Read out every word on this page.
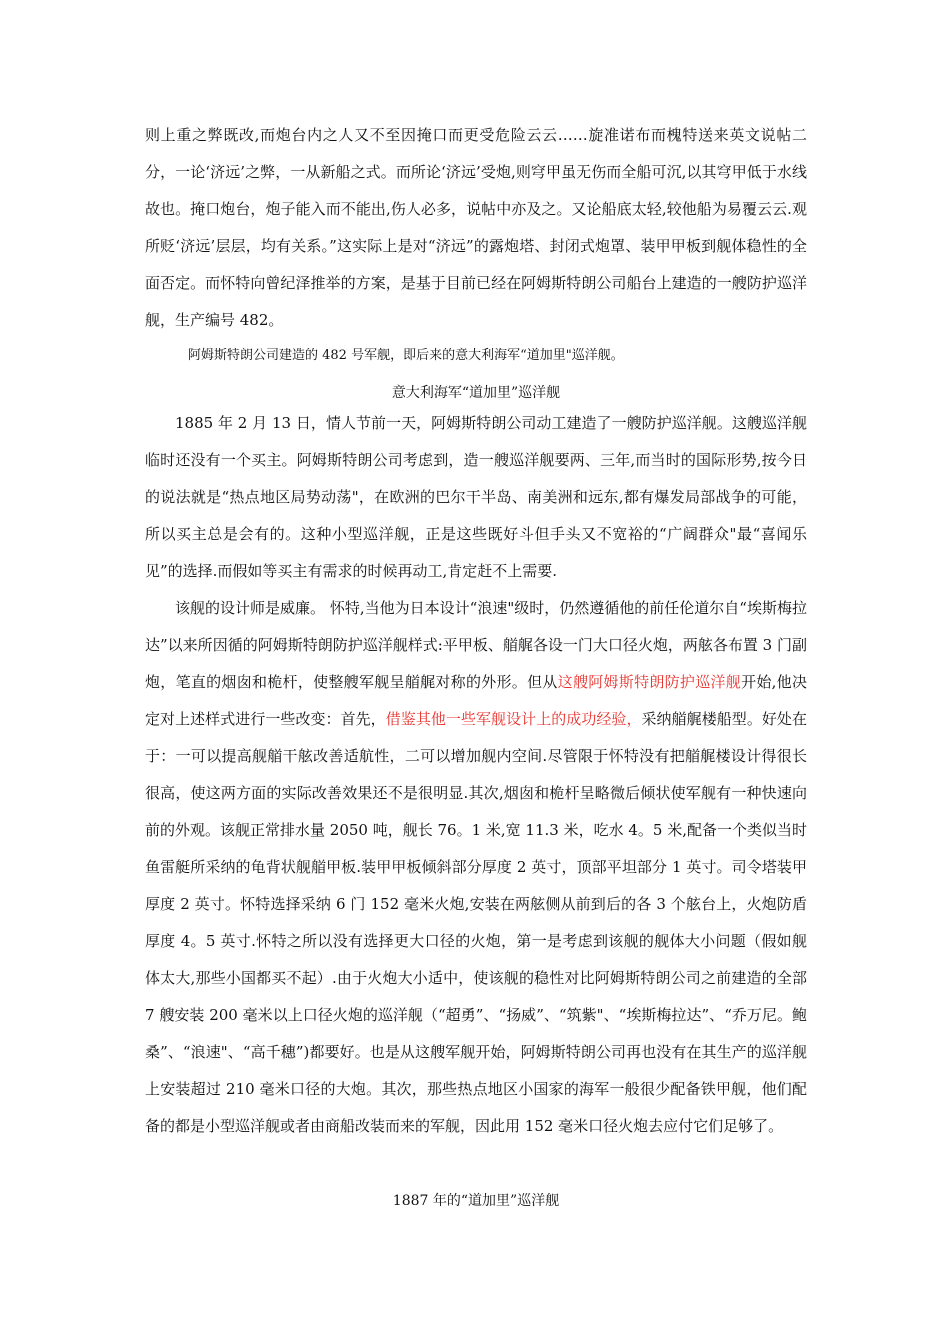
则上重之弊既改,而炮台内之人又不至因掩口而更受危险云云……旋准诺布而槐特送来英文说帖二分，一论‘济远’之弊，一从新船之式。而所论‘济远’受炮,则穹甲虽无伤而全船可沉,以其穹甲低于水线故也。掩口炮台，炮子能入而不能出,伤人必多，说帖中亦及之。又论船底太轻,较他船为易覆云云.观所贬‘济远’层层，均有关系。”这实际上是对“济远”的露炮塔、封闭式炮罩、装甲甲板到舰体稳性的全面否定。而怀特向曾纪泽推举的方案，是基于目前已经在阿姆斯特朗公司船台上建造的一艘防护巡洋舰，生产编号 482。

阿姆斯特朗公司建造的 482 号军舰，即后来的意大利海军“道加里"巡洋舰。

意大利海军“道加里”巡洋舰

1885 年 2 月 13 日，情人节前一天，阿姆斯特朗公司动工建造了一艘防护巡洋舰。这艘巡洋舰临时还没有一个买主。阿姆斯特朗公司考虑到，造一艘巡洋舰要两、三年,而当时的国际形势,按今日的说法就是“热点地区局势动荡"，在欧洲的巴尔干半岛、南美洲和远东,都有爆发局部战争的可能，所以买主总是会有的。这种小型巡洋舰，正是这些既好斗但手头又不宽裕的“广阔群众"最“喜闻乐见”的选择.而假如等买主有需求的时候再动工,肯定赶不上需要.

该舰的设计师是威廉。 怀特,当他为日本设计“浪速"级时，仍然遵循他的前任伦道尔自“埃斯梅拉达”以来所因循的阿姆斯特朗防护巡洋舰样式:平甲板、艏艉各设一门大口径火炮，两舷各布置 3 门副炮，笔直的烟囱和桅杆，使整艘军舰呈艏艉对称的外形。但从这艘阿姆斯特朗防护巡洋舰开始,他决定对上述样式进行一些改变：首先，借鉴其他一些军舰设计上的成功经验，采纳艏艉楼船型。好处在于：一可以提高舰艏干舷改善适航性，二可以增加舰内空间.尽管限于怀特没有把艏艉楼设计得很长很高，使这两方面的实际改善效果还不是很明显.其次,烟囱和桅杆呈略微后倾状使军舰有一种快速向前的外观。该舰正常排水量 2050 吨，舰长 76。1 米,宽 11.3 米，吃水 4。5 米,配备一个类似当时鱼雷艇所采纳的龟背状舰艏甲板.装甲甲板倾斜部分厚度 2 英寸，顶部平坦部分 1 英寸。司令塔装甲厚度 2 英寸。怀特选择采纳 6 门 152 毫米火炮,安装在两舷侧从前到后的各 3 个舷台上，火炮防盾厚度 4。5 英寸.怀特之所以没有选择更大口径的火炮，第一是考虑到该舰的舰体大小问题（假如舰体太大,那些小国都买不起）.由于火炮大小适中，使该舰的稳性对比阿姆斯特朗公司之前建造的全部 7 艘安装 200 毫米以上口径火炮的巡洋舰（“超勇”、“扬威”、“筑紫"、“埃斯梅拉达”、“乔万尼。鲍桑”、“浪速"、“高千穗”)都要好。也是从这艘军舰开始，阿姆斯特朗公司再也没有在其生产的巡洋舰上安装超过 210 毫米口径的大炮。其次，那些热点地区小国家的海军一般很少配备铁甲舰，他们配备的都是小型巡洋舰或者由商船改装而来的军舰，因此用 152 毫米口径火炮去应付它们足够了。

1887 年的“道加里”巡洋舰
